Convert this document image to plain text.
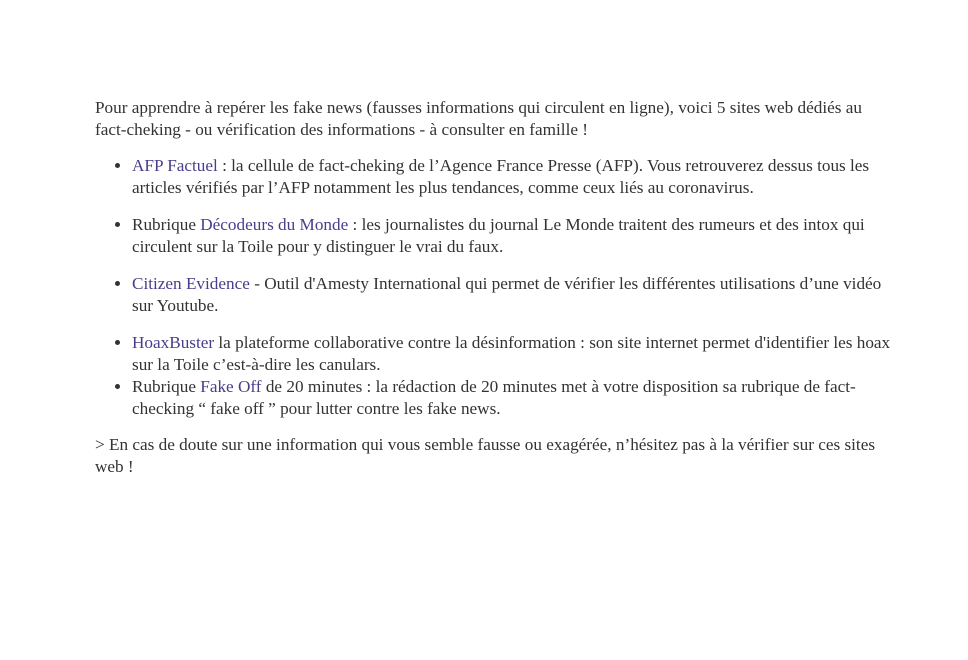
Pour apprendre à repérer les fake news (fausses informations qui circulent en ligne), voici 5 sites web dédiés au fact-cheking - ou vérification des informations - à consulter en famille !

• AFP Factuel : la cellule de fact-cheking de l’Agence France Presse (AFP). Vous retrouverez dessus tous les articles vérifiés par l’AFP notamment les plus tendances, comme ceux liés au coronavirus.
• Rubrique Décodeurs du Monde : les journalistes du journal Le Monde traitent des rumeurs et des intox qui circulent sur la Toile pour y distinguer le vrai du faux.
• Citizen Evidence - Outil d'Amesty International qui permet de vérifier les différentes utilisations d’une vidéo sur Youtube.
• HoaxBuster la plateforme collaborative contre la désinformation : son site internet permet d'identifier les hoax sur la Toile c’est-à-dire les canulars.
• Rubrique Fake Off de 20 minutes : la rédaction de 20 minutes met à votre disposition sa rubrique de fact-checking “ fake off ” pour lutter contre les fake news.

> En cas de doute sur une information qui vous semble fausse ou exagérée, n’hésitez pas à la vérifier sur ces sites web !
